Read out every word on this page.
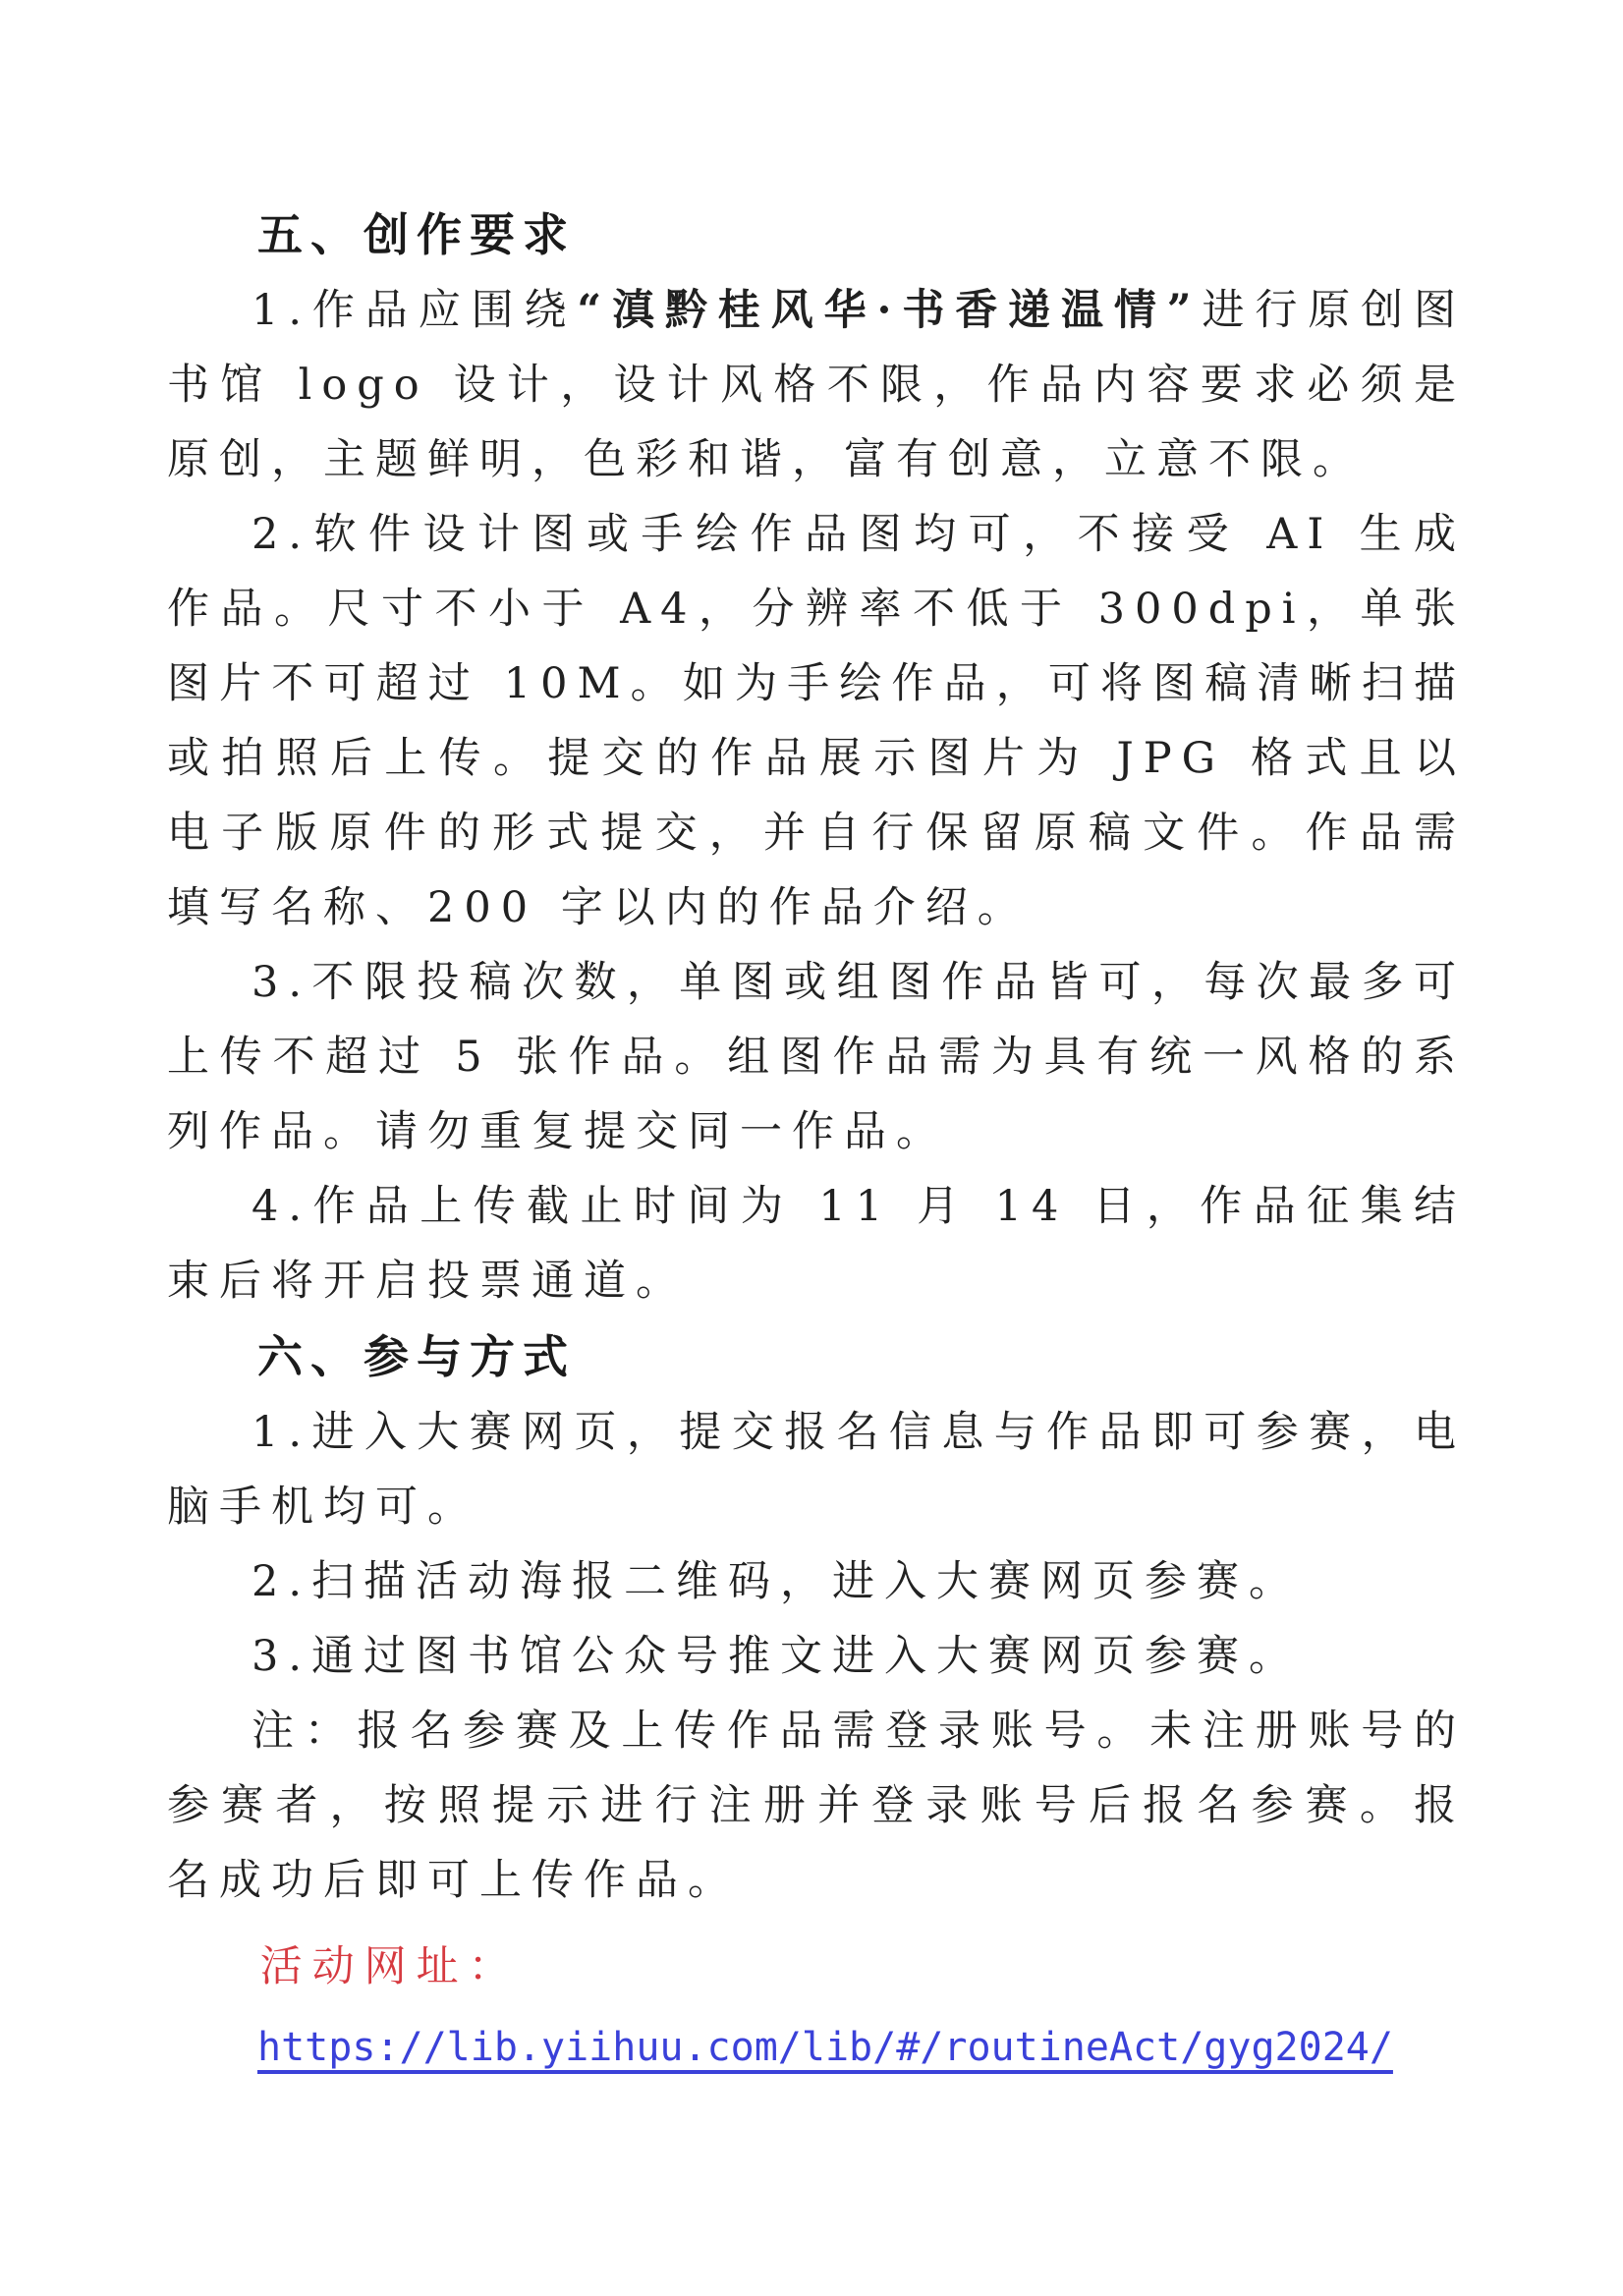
五、创作要求

1.作品应围绕“滇黔桂风华·书香递温情”进行原创图书馆 logo 设计，设计风格不限，作品内容要求必须是原创，主题鲜明，色彩和谐，富有创意，立意不限。

2.软件设计图或手绘作品图均可，不接受 AI 生成作品。尺寸不小于 A4，分辨率不低于 300dpi，单张图片不可超过 10M。如为手绘作品，可将图稿清晰扫描或拍照后上传。提交的作品展示图片为 JPG 格式且以电子版原件的形式提交，并自行保留原稿文件。作品需填写名称、200 字以内的作品介绍。

3.不限投稿次数，单图或组图作品皆可，每次最多可上传不超过 5 张作品。组图作品需为具有统一风格的系列作品。请勿重复提交同一作品。

4.作品上传截止时间为 11 月 14 日，作品征集结束后将开启投票通道。

六、参与方式

1.进入大赛网页，提交报名信息与作品即可参赛，电脑手机均可。

2.扫描活动海报二维码，进入大赛网页参赛。

3.通过图书馆公众号推文进入大赛网页参赛。

注：报名参赛及上传作品需登录账号。未注册账号的参赛者，按照提示进行注册并登录账号后报名参赛。报名成功后即可上传作品。

活动网址：

https://lib.yiihuu.com/lib/#/routineAct/gyg2024/
